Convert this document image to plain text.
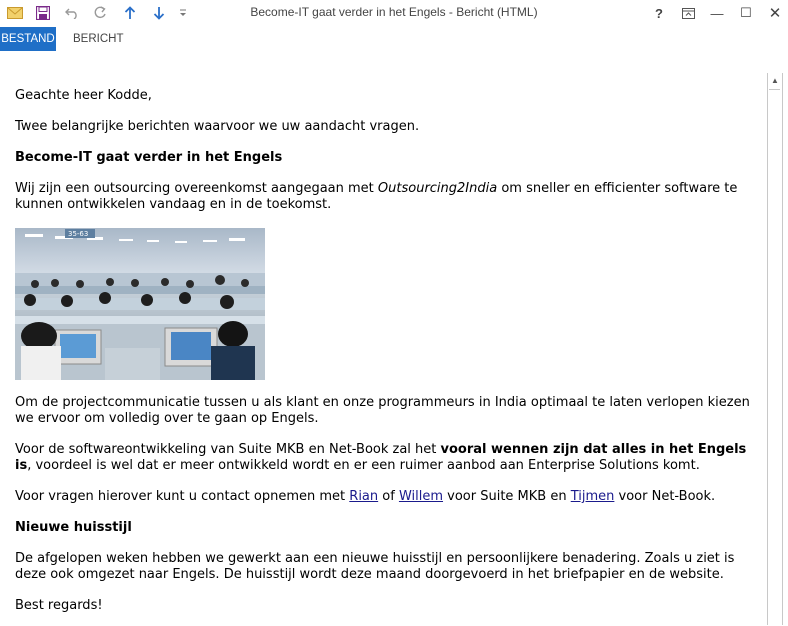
Become-IT gaat verder in het Engels - Bericht (HTML)	?	—	☐	✕
BESTAND BERICHT

Geachte heer Kodde,

Twee belangrijke berichten waarvoor we uw aandacht vragen.

Become-IT gaat verder in het Engels

Wij zijn een outsourcing overeenkomst aangegaan met Outsourcing2India om sneller en efficienter software te kunnen ontwikkelen vandaag en in de toekomst.

35-63

Om de projectcommunicatie tussen u als klant en onze programmeurs in India optimaal te laten verlopen kiezen we ervoor om volledig over te gaan op Engels.

Voor de softwareontwikkeling van Suite MKB en Net-Book zal het vooral wennen zijn dat alles in het Engels is, voordeel is wel dat er meer ontwikkeld wordt en er een ruimer aanbod aan Enterprise Solutions komt.

Voor vragen hierover kunt u contact opnemen met Rian of Willem voor Suite MKB en Tijmen voor Net-Book.

Nieuwe huisstijl

De afgelopen weken hebben we gewerkt aan een nieuwe huisstijl en persoonlijkere benadering. Zoals u ziet is deze ook omgezet naar Engels. De huisstijl wordt deze maand doorgevoerd in het briefpapier en de website.

Best regards!

▲
